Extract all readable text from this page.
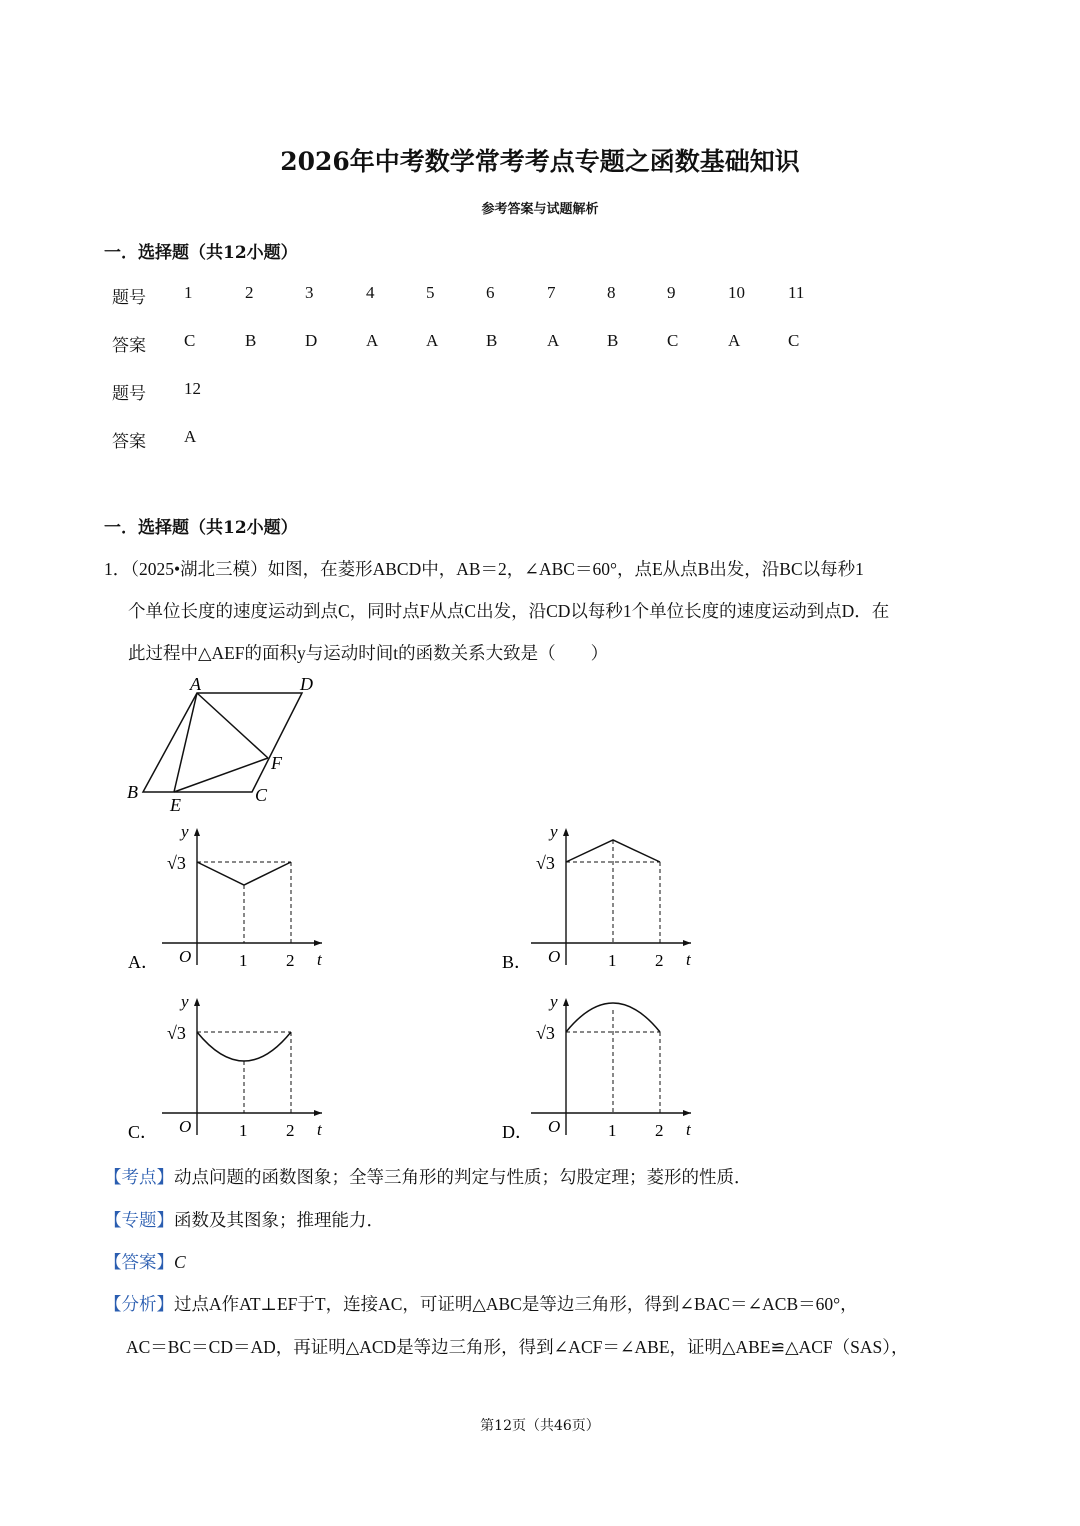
2026年中考数学常考考点专题之函数基础知识
参考答案与试题解析
一．选择题（共12小题）
题号 1	2	3	4	5	6	7	8	9	10	11
答案 C	B	D	A	A	B	A	B	C	A	C
题号 12
答案 A
一．选择题（共12小题）
1．（2025•湖北三模）如图，在菱形ABCD中，AB＝2，∠ABC＝60°，点E从点B出发，沿BC以每秒1
个单位长度的速度运动到点C，同时点F从点C出发，沿CD以每秒1个单位长度的速度运动到点D．在
此过程中△AEF的面积y与运动时间t的函数关系大致是（　　）
A	D
B	C
E
F
y
t
O	1 2
√3
A．
y
t
O	1 2
√3
B．
y
t
O	1 2
√3
C．
y
t
O	1 2
√3
D．
【考点】动点问题的函数图象；全等三角形的判定与性质；勾股定理；菱形的性质．
【专题】函数及其图象；推理能力．
【答案】C
【分析】过点A作AT⊥EF于T，连接AC，可证明△ABC是等边三角形，得到∠BAC＝∠ACB＝60°，
AC＝BC＝CD＝AD，再证明△ACD是等边三角形，得到∠ACF＝∠ABE，证明△ABE≌△ACF（SAS），
第12页（共46页）
